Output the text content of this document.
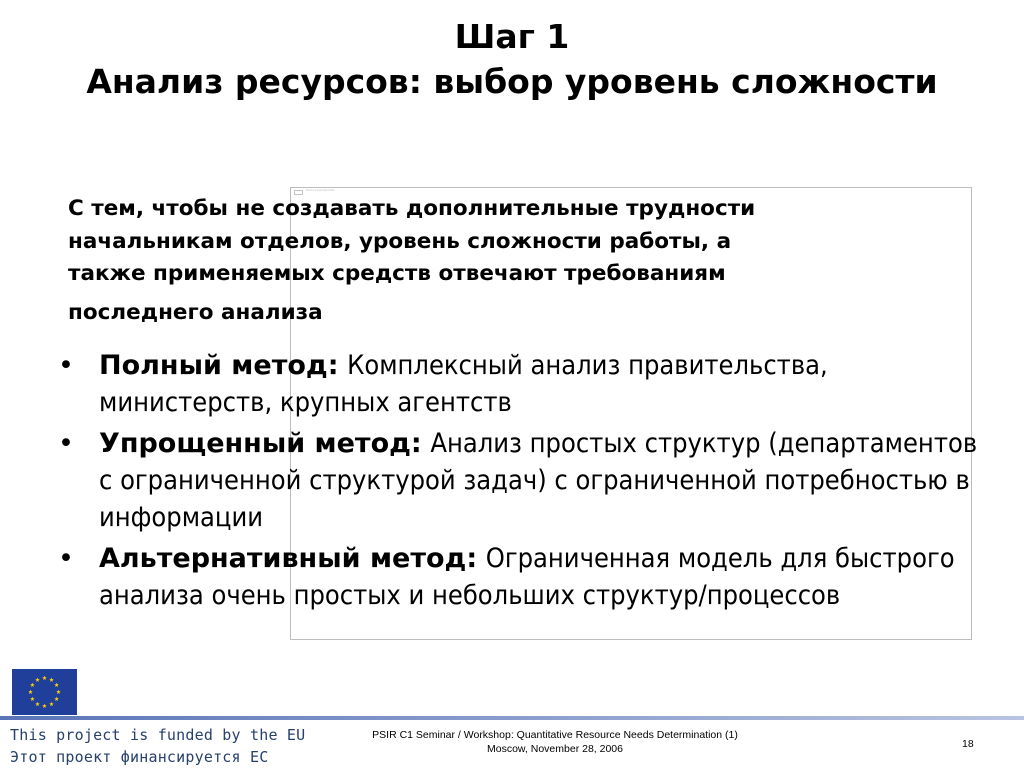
Шаг 1
Анализ ресурсов: выбор уровень сложности
Picture placeholder
С тем, чтобы не создавать дополнительные трудности
начальникам отделов, уровень сложности работы, а
также применяемых средств отвечают требованиям
последнего анализа
• Полный метод: Комплексный анализ правительства, министерств, крупных агентств
• Упрощенный метод: Анализ простых структур (департаментов с ограниченной структурой задач) с ограниченной потребностью в информации
• Альтернативный метод: Ограниченная модель для быстрого анализа очень простых и небольших структур/процессов
This project is funded by the EU
Этот проект финансируется ЕС
PSIR C1 Seminar / Workshop: Quantitative Resource Needs Determination (1)
Moscow, November 28, 2006	18
